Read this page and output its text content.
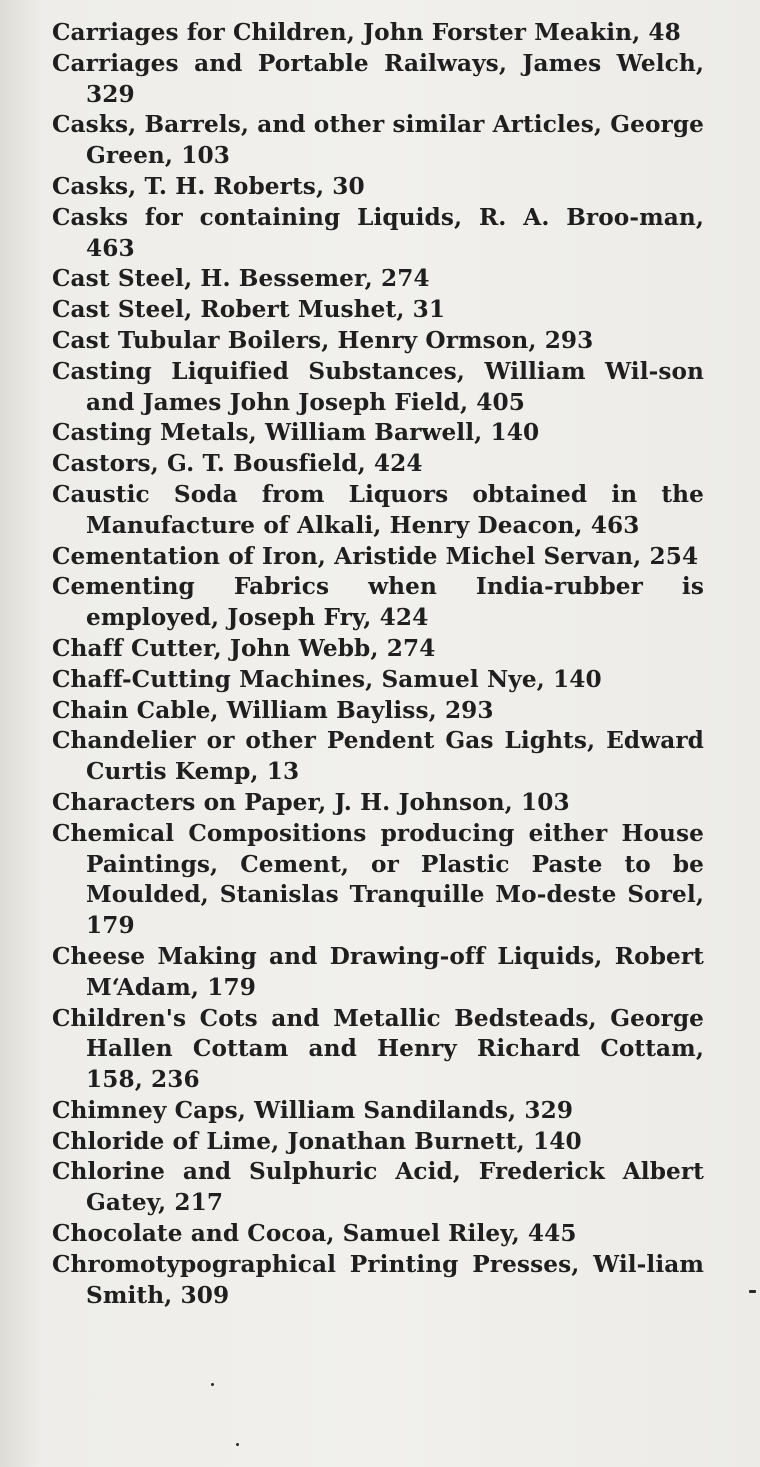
Carriages for Children, John Forster Meakin, 48
Carriages and Portable Railways, James Welch, 329
Casks, Barrels, and other similar Articles, George Green, 103
Casks, T. H. Roberts, 30
Casks for containing Liquids, R. A. Broo-man, 463
Cast Steel, H. Bessemer, 274
Cast Steel, Robert Mushet, 31
Cast Tubular Boilers, Henry Ormson, 293
Casting Liquified Substances, William Wil-son and James John Joseph Field, 405
Casting Metals, William Barwell, 140
Castors, G. T. Bousfield, 424
Caustic Soda from Liquors obtained in the Manufacture of Alkali, Henry Deacon, 463
Cementation of Iron, Aristide Michel Servan, 254
Cementing Fabrics when India-rubber is employed, Joseph Fry, 424
Chaff Cutter, John Webb, 274
Chaff-Cutting Machines, Samuel Nye, 140
Chain Cable, William Bayliss, 293
Chandelier or other Pendent Gas Lights, Edward Curtis Kemp, 13
Characters on Paper, J. H. Johnson, 103
Chemical Compositions producing either House Paintings, Cement, or Plastic Paste to be Moulded, Stanislas Tranquille Mo-deste Sorel, 179
Cheese Making and Drawing-off Liquids, Robert M‘Adam, 179
Children's Cots and Metallic Bedsteads, George Hallen Cottam and Henry Richard Cottam, 158, 236
Chimney Caps, William Sandilands, 329
Chloride of Lime, Jonathan Burnett, 140
Chlorine and Sulphuric Acid, Frederick Albert Gatey, 217
Chocolate and Cocoa, Samuel Riley, 445
Chromotypographical Printing Presses, Wil-liam Smith, 309
